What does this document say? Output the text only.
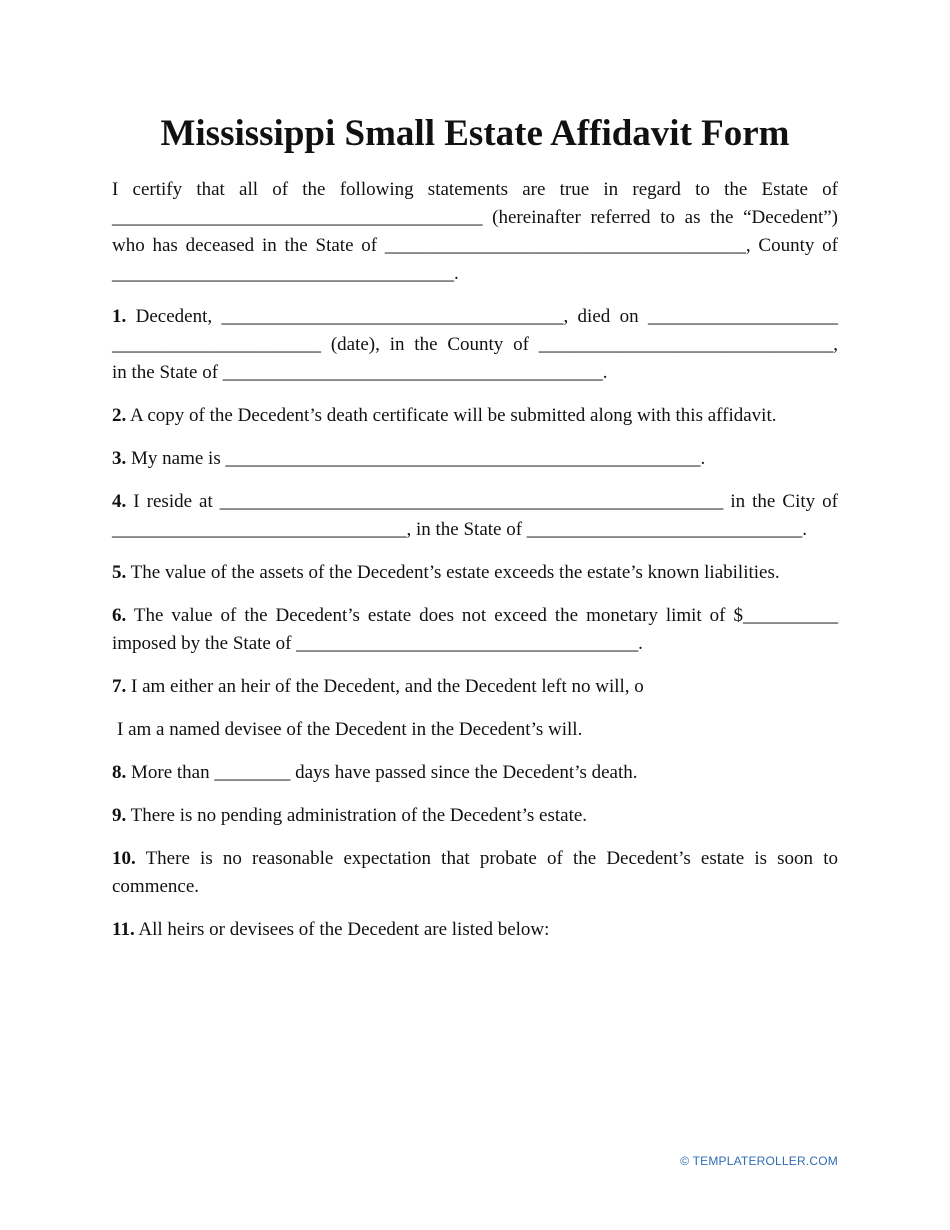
Mississippi Small Estate Affidavit Form

I certify that all of the following statements are true in regard to the Estate of

_______________________________________ (hereinafter referred to as the “Decedent”)

who has deceased in the State of ______________________________________, County of

____________________________________.

1. Decedent, ____________________________________, died on ____________________

______________________ (date), in the County of _______________________________,

in the State of ________________________________________.

2. A copy of the Decedent’s death certificate will be submitted along with this affidavit.

3. My name is __________________________________________________.

4. I reside at _____________________________________________________ in the City of

_______________________________, in the State of _____________________________.

5. The value of the assets of the Decedent’s estate exceeds the estate’s known liabilities.

6. The value of the Decedent’s estate does not exceed the monetary limit of $__________

imposed by the State of ____________________________________.

7. I am either an heir of the Decedent, and the Decedent left no will, o

I am a named devisee of the Decedent in the Decedent’s will.

8. More than ________ days have passed since the Decedent’s death.

9. There is no pending administration of the Decedent’s estate.

10. There is no reasonable expectation that probate of the Decedent’s estate is soon to

commence.

11. All heirs or devisees of the Decedent are listed below:

© TEMPLATEROLLER.COM
